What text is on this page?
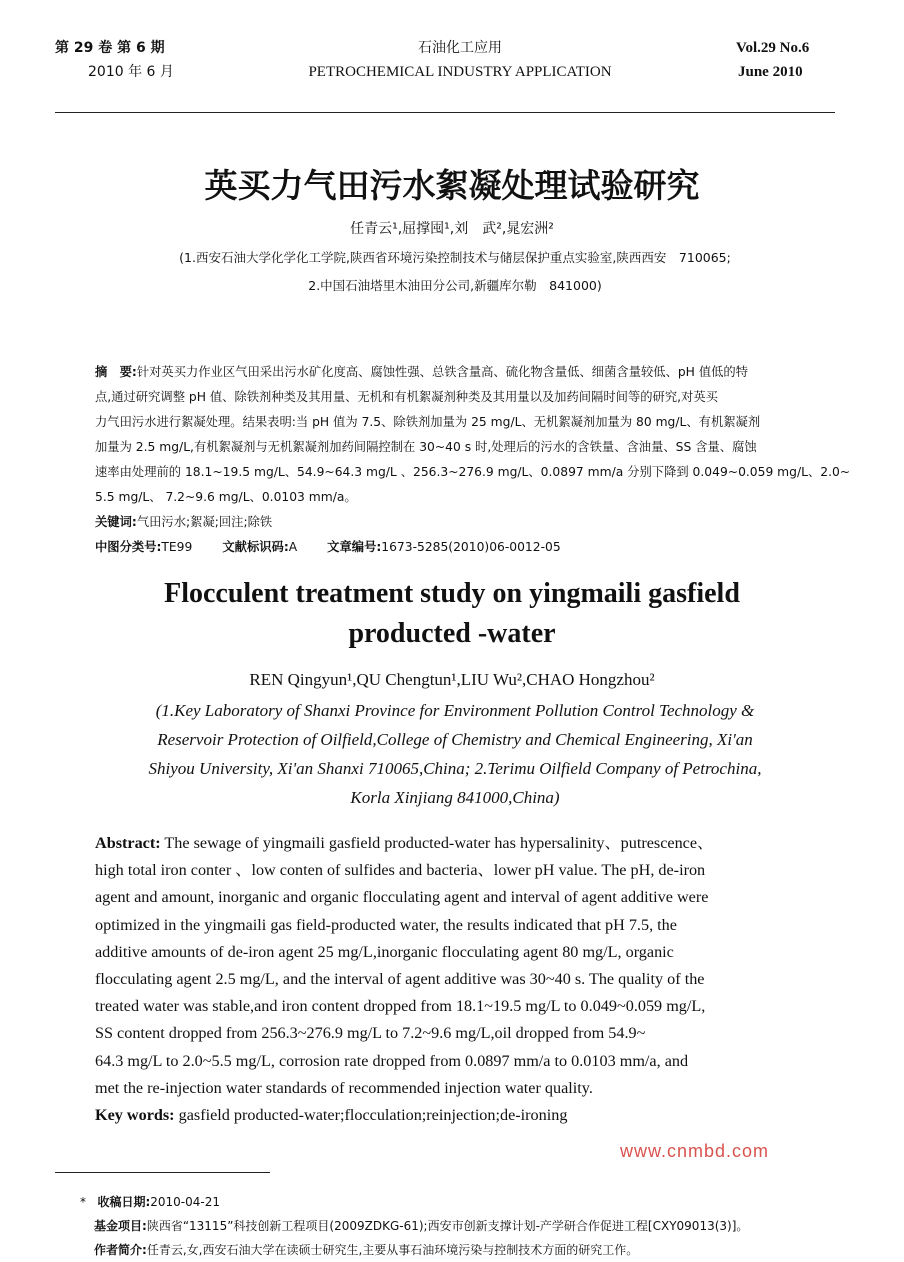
第 29 卷 第 6 期
2010 年 6 月
石油化工应用
PETROCHEMICAL INDUSTRY APPLICATION
Vol.29 No.6
June 2010
英买力气田污水絮凝处理试验研究
任青云¹,屈撑囤¹,刘　武²,晁宏洲²
(1.西安石油大学化学化工学院,陕西省环境污染控制技术与储层保护重点实验室,陕西西安　710065;
2.中国石油塔里木油田分公司,新疆库尔勒　841000)
摘　要:针对英买力作业区气田采出污水矿化度高、腐蚀性强、总铁含量高、硫化物含量低、细菌含量较低、pH 值低的特
点,通过研究调整 pH 值、除铁剂种类及其用量、无机和有机絮凝剂种类及其用量以及加药间隔时间等的研究,对英买
力气田污水进行絮凝处理。结果表明:当 pH 值为 7.5、除铁剂加量为 25 mg/L、无机絮凝剂加量为 80 mg/L、有机絮凝剂
加量为 2.5 mg/L,有机絮凝剂与无机絮凝剂加药间隔控制在 30~40 s 时,处理后的污水的含铁量、含油量、SS 含量、腐蚀
速率由处理前的 18.1~19.5 mg/L、54.9~64.3 mg/L 、256.3~276.9 mg/L、0.0897 mm/a 分别下降到 0.049~0.059 mg/L、2.0~
5.5 mg/L、 7.2~9.6 mg/L、0.0103 mm/a。
关键词:气田污水;絮凝;回注;除铁
中图分类号:TE99 文献标识码:A 文章编号:1673-5285(2010)06-0012-05
Flocculent treatment study on yingmaili gasfield
producted -water
REN Qingyun¹,QU Chengtun¹,LIU Wu²,CHAO Hongzhou²
(1.Key Laboratory of Shanxi Province for Environment Pollution Control Technology &
Reservoir Protection of Oilfield,College of Chemistry and Chemical Engineering, Xi'an
Shiyou University, Xi'an Shanxi 710065,China; 2.Terimu Oilfield Company of Petrochina,
Korla Xinjiang 841000,China)
Abstract: The sewage of yingmaili gasfield producted-water has hypersalinity、putrescence、
high total iron conter 、low conten of sulfides and bacteria、lower pH value. The pH, de-iron
agent and amount, inorganic and organic flocculating agent and interval of agent additive were
optimized in the yingmaili gas field-producted water, the results indicated that pH 7.5, the
additive amounts of de-iron agent 25 mg/L,inorganic flocculating agent 80 mg/L, organic
flocculating agent 2.5 mg/L, and the interval of agent additive was 30~40 s. The quality of the
treated water was stable,and iron content dropped from 18.1~19.5 mg/L to 0.049~0.059 mg/L,
SS content dropped from 256.3~276.9 mg/L to 7.2~9.6 mg/L,oil dropped from 54.9~
64.3 mg/L to 2.0~5.5 mg/L, corrosion rate dropped from 0.0897 mm/a to 0.0103 mm/a, and
met the re-injection water standards of recommended injection water quality.
Key words: gasfield producted-water;flocculation;reinjection;de-ironing
www.cnmbd.com
* 收稿日期:2010-04-21
基金项目:陕西省“13115”科技创新工程项目(2009ZDKG-61);西安市创新支撑计划-产学研合作促进工程[CXY09013(3)]。
作者简介:任青云,女,西安石油大学在读硕士研究生,主要从事石油环境污染与控制技术方面的研究工作。
